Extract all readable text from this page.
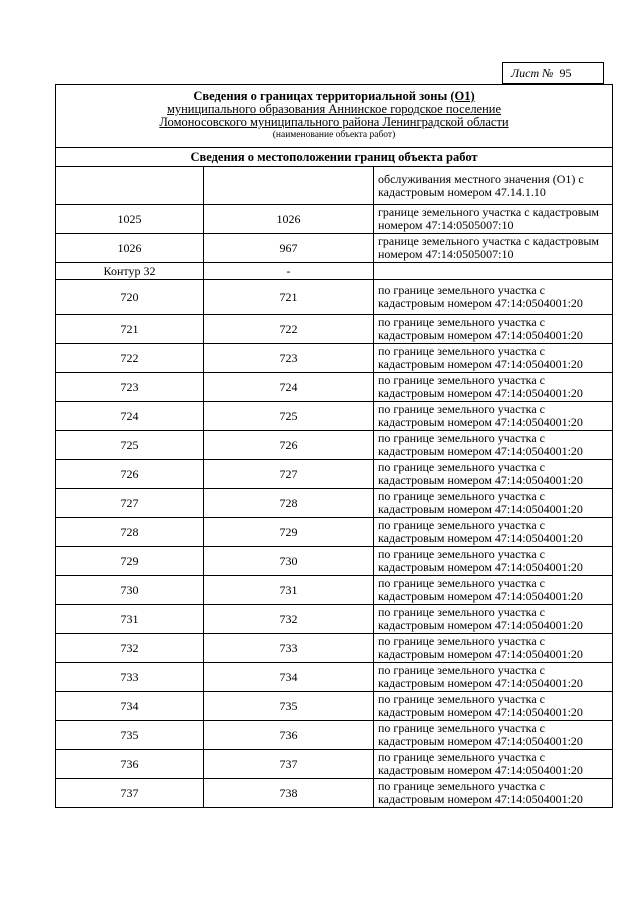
Лист № 95
Сведения о границах территориальной зоны (О1)
муниципального образования Аннинское городское поселение
Ломоносовского муниципального района Ленинградской области
(наименование объекта работ)		

Сведения о местоположении границ объекта работ		
		обслуживания местного значения (О1) с кадастровым номером 47.14.1.10
1025	1026	границе земельного участка с кадастровым номером 47:14:0505007:10
1026	967	границе земельного участка с кадастровым номером 47:14:0505007:10
Контур 32	-	
720	721	по границе земельного участка с кадастровым номером 47:14:0504001:20
721	722	по границе земельного участка с кадастровым номером 47:14:0504001:20
722	723	по границе земельного участка с кадастровым номером 47:14:0504001:20
723	724	по границе земельного участка с кадастровым номером 47:14:0504001:20
724	725	по границе земельного участка с кадастровым номером 47:14:0504001:20
725	726	по границе земельного участка с кадастровым номером 47:14:0504001:20
726	727	по границе земельного участка с кадастровым номером 47:14:0504001:20
727	728	по границе земельного участка с кадастровым номером 47:14:0504001:20
728	729	по границе земельного участка с кадастровым номером 47:14:0504001:20
729	730	по границе земельного участка с кадастровым номером 47:14:0504001:20
730	731	по границе земельного участка с кадастровым номером 47:14:0504001:20
731	732	по границе земельного участка с кадастровым номером 47:14:0504001:20
732	733	по границе земельного участка с кадастровым номером 47:14:0504001:20
733	734	по границе земельного участка с кадастровым номером 47:14:0504001:20
734	735	по границе земельного участка с кадастровым номером 47:14:0504001:20
735	736	по границе земельного участка с кадастровым номером 47:14:0504001:20
736	737	по границе земельного участка с кадастровым номером 47:14:0504001:20
737	738	по границе земельного участка с кадастровым номером 47:14:0504001:20
